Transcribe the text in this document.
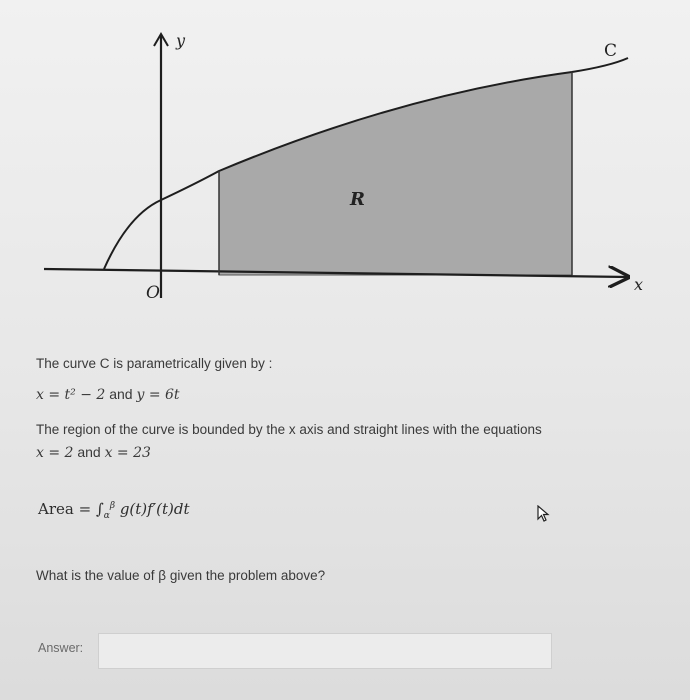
y
x
O
C
R
The curve C is parametrically given by :
x = t² − 2 and y = 6t
The region of the curve is bounded by the x axis and straight lines with the equations
x = 2 and x = 23
Area = $\int_\alpha^\beta$ g(t)f′(t)dt
What is the value of β given the problem above?
Answer:
